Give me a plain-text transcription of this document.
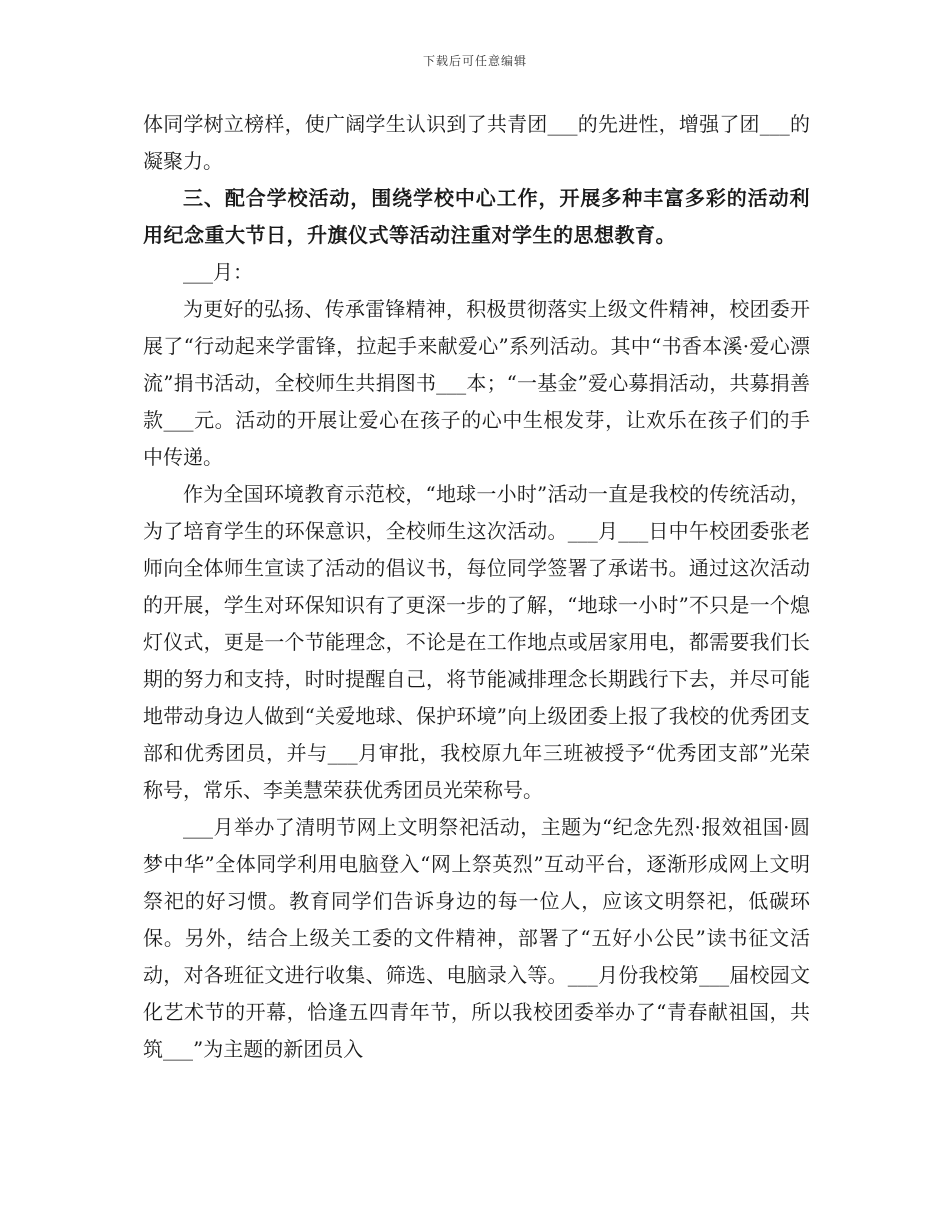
下载后可任意编辑

体同学树立榜样，使广阔学生认识到了共青团___的先进性，增强了团___的凝聚力。

三、配合学校活动，围绕学校中心工作，开展多种丰富多彩的活动利用纪念重大节日，升旗仪式等活动注重对学生的思想教育。

___月：

为更好的弘扬、传承雷锋精神，积极贯彻落实上级文件精神，校团委开展了“行动起来学雷锋，拉起手来献爱心”系列活动。其中“书香本溪·爱心漂流”捐书活动，全校师生共捐图书___本；“一基金”爱心募捐活动，共募捐善款___元。活动的开展让爱心在孩子的心中生根发芽，让欢乐在孩子们的手中传递。

作为全国环境教育示范校，“地球一小时”活动一直是我校的传统活动，为了培育学生的环保意识，全校师生这次活动。___月___日中午校团委张老师向全体师生宣读了活动的倡议书，每位同学签署了承诺书。通过这次活动的开展，学生对环保知识有了更深一步的了解，“地球一小时”不只是一个熄灯仪式，更是一个节能理念，不论是在工作地点或居家用电，都需要我们长期的努力和支持，时时提醒自己，将节能减排理念长期践行下去，并尽可能地带动身边人做到“关爱地球、保护环境”向上级团委上报了我校的优秀团支部和优秀团员，并与___月审批，我校原九年三班被授予“优秀团支部”光荣称号，常乐、李美慧荣获优秀团员光荣称号。

___月举办了清明节网上文明祭祀活动，主题为“纪念先烈·报效祖国·圆梦中华”全体同学利用电脑登入“网上祭英烈”互动平台，逐渐形成网上文明祭祀的好习惯。教育同学们告诉身边的每一位人，应该文明祭祀，低碳环保。另外，结合上级关工委的文件精神，部署了“五好小公民”读书征文活动，对各班征文进行收集、筛选、电脑录入等。___月份我校第___届校园文化艺术节的开幕，恰逢五四青年节，所以我校团委举办了“青春献祖国，共筑___”为主题的新团员入
